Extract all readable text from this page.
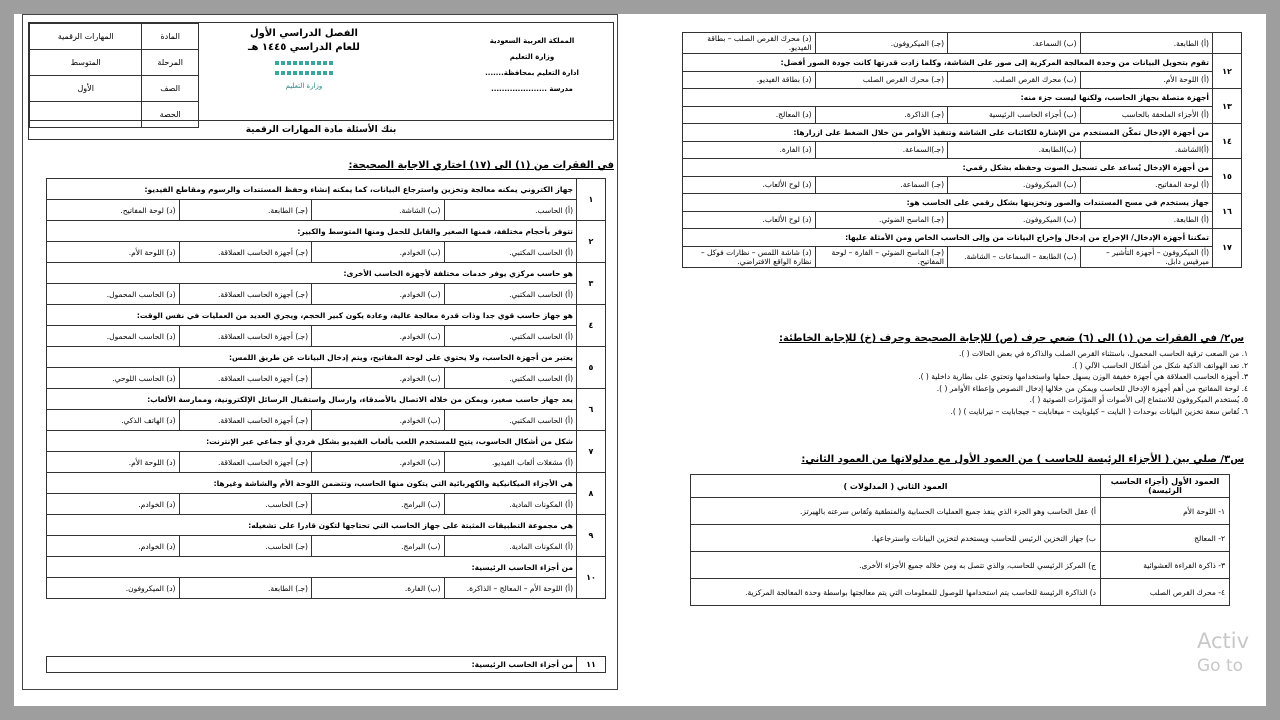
المهارات الرقمية	المادة
المتوسط	المرحلة
الأول	الصف
	الحصة
الفصل الدراسي الأول
للعام الدراسي ١٤٤٥ هـ
وزارة التعليم
المملكة العربية السعودية
وزارة التعليم
ادارة التعليم بمحافظة.......
مدرسة .....................
بنك الأسئلة مادة المهارات الرقمية
في الفقرات من (١) الى (١٧) اختاري الاجابة الصحيحة:
١	جهاز الكتروني يمكنه معالجة وتخزين واسترجاع البيانات، كما يمكنه إنشاء وحفظ المستندات والرسوم ومقاطع الفيديو:			
	(أ) الحاسب.	(ب) الشاشة.	(جـ) الطابعة.	(د) لوحة المفاتيح.
٢	تتوفر بأحجام مختلفة، فمنها الصغير والقابل للحمل ومنها المتوسط والكبير:			
	(أ) الحاسب المكتبي.	(ب) الخوادم.	(جـ) أجهزة الحاسب العملاقة.	(د) اللوحة الأم.
٣	هو حاسب مركزي يوفر خدمات مختلفة لأجهزة الحاسب الأخرى:			
	(أ) الحاسب المكتبي.	(ب) الخوادم.	(جـ) أجهزة الحاسب العملاقة.	(د) الحاسب المحمول.
٤	هو جهاز حاسب قوي جدا وذات قدرة معالجة عالية، وعادة يكون كبير الحجم، ويجري العديد من العمليات في نفس الوقت:			
	(أ) الحاسب المكتبي.	(ب) الخوادم.	(جـ) أجهزة الحاسب العملاقة.	(د) الحاسب المحمول.
٥	يعتبر من أجهزة الحاسب، ولا يحتوي على لوحة المفاتيح، ويتم إدخال البيانات عن طريق اللمس:			
	(أ) الحاسب المكتبي.	(ب) الخوادم.	(جـ) أجهزة الحاسب العملاقة.	(د) الحاسب اللوحي.
٦	يعد جهاز حاسب صغير، ويمكن من خلاله الاتصال بالأصدقاء، وارسال واستقبال الرسائل الإلكترونية، وممارسة الألعاب:			
	(أ) الحاسب المكتبي.	(ب) الخوادم.	(جـ) أجهزة الحاسب العملاقة.	(د) الهاتف الذكي.
٧	شكل من أشكال الحاسوب، يتيح للمستخدم اللعب بألعاب الفيديو بشكل فردي أو جماعي عبر الإنترنت:			
	(أ) مشغلات ألعاب الفيديو.	(ب) الخوادم.	(جـ) أجهزة الحاسب العملاقة.	(د) اللوحة الأم.
٨	هي الأجزاء الميكانيكية والكهربائية التي يتكون منها الحاسب، وتتضمن اللوحة الأم والشاشة وغيرها:			
	(أ) المكونات المادية.	(ب) البرامج.	(جـ) الحاسب.	(د) الخوادم.
٩	هي مجموعة التطبيقات المثبتة على جهاز الحاسب التي تحتاجها لتكون قادرا على تشغيله:			
	(أ) المكونات المادية.	(ب) البرامج.	(جـ) الحاسب.	(د) الخوادم.
١٠	من أجزاء الحاسب الرئيسية:			
	(أ) اللوحة الأم – المعالج – الذاكرة.	(ب) الفارة.	(جـ) الطابعة.	(د) الميكروفون.
١١	من أجزاء الحاسب الرئيسية:
	(أ) الطابعة.	(ب) السماعة.	(جـ) الميكروفون.	(د) محرك القرص الصلب – بطاقة الفيديو.
١٢	تقوم بتحويل البيانات من وحدة المعالجة المركزية إلى صور على الشاشة، وكلما زادت قدرتها كانت جودة الصور أفضل:			
	(أ) اللوحة الأم.	(ب) محرك القرص الصلب.	(جـ) محرك القرص الصلب	(د) بطاقة الفيديو.
١٣	أجهزة متصلة بجهاز الحاسب، ولكنها ليست جزء منه:			
	(أ) الأجزاء الملحقة بالحاسب	(ب) أجزاء الحاسب الرئيسية	(جـ) الذاكرة.	(د) المعالج.
١٤	من أجهزة الإدخال تمكّن المستخدم من الإشارة للكائنات على الشاشة وتنفيذ الأوامر من خلال الضغط على ازرارها:			
	(أ)الشاشة.	(ب)الطابعة.	(جـ)السماعة.	(د) الفارة.
١٥	من أجهزة الإدخال يُساعد على تسجيل الصوت وحفظه بشكل رقمي:			
	(أ) لوحة المفاتيح.	(ب) الميكروفون.	(جـ) السماعة.	(د) لوح الألعاب.
١٦	جهاز يستخدم في مسح المستندات والصور وتخزينها بشكل رقمي على الحاسب هو:			
	(أ) الطابعة.	(ب) الميكروفون.	(جـ) الماسح الضوئي.	(د) لوح الألعاب.
١٧	تمكننا أجهزة الإدخال/ الإخراج من إدخال وإخراج البيانات من وإلى الحاسب الخاص ومن الأمثلة عليها:			
	(أ) الميكروفون – أجهزة التأشير – ميرفيس دابل.	(ب) الطابعة – السماعات – الشاشة.	(جـ) الماسح الضوئي – الفارة – لوحة المفاتيح.	(د) شاشة اللمس – نظارات فوكل – نظارة الواقع الافتراضي.
س٢/ في الفقرات من (١) الى (٦) ضعي حرف (ص) للإجابة الصحيحة وحرف (خ) للإجابة الخاطئة:
١. من الصعب ترقية الحاسب المحمول، باستثناء القرص الصلب والذاكرة في بعض الحالات ( ).
٢. تعد الهواتف الذكية شكل من أشكال الحاسب الآلي ( ).
٣. أجهزة الحاسب العملاقة هي أجهزة خفيفة الوزن يسهل حملها واستخدامها وتحتوي على بطارية داخلية ( ).
٤. لوحة المفاتيح من أهم أجهزة الإدخال للحاسب ويمكن من خلالها إدخال النصوص وإعطاء الأوامر ( ).
٥. يُستخدم الميكروفون للاستماع إلى الأصوات أو المؤثرات الصوتية ( ).
٦. تُقاس سعة تخزين البيانات بوحدات ( البايت – كيلوبايت – ميغابايت – جيجابايت – تيرابايت ) ( ).
س٣/ صلي بين ( الأجزاء الرئيسة للحاسب ) من العمود الأول مع مدلولاتها من العمود الثاني:
العمود الأول (أجزاء الحاسب الرئيسة)	العمود الثاني ( المدلولات )
١- اللوحة الأم	أ) عقل الحاسب وهو الجزء الذي ينفذ جميع العمليات الحسابية والمنطقية وتُقاس سرعته بالهيرتز.
٢- المعالج	ب) جهاز التخزين الرئيس للحاسب ويستخدم لتخزين البيانات واسترجاعها.
٣- ذاكرة القراءة العشوائية	ج) المركز الرئيسي للحاسب، والذي تتصل به ومن خلاله جميع الأجزاء الأخرى.
٤- محرك القرص الصلب	د) الذاكرة الرئيسة للحاسب يتم استخدامها للوصول للمعلومات التي يتم معالجتها بواسطة وحدة المعالجة المركزية.
Activ
Go to
